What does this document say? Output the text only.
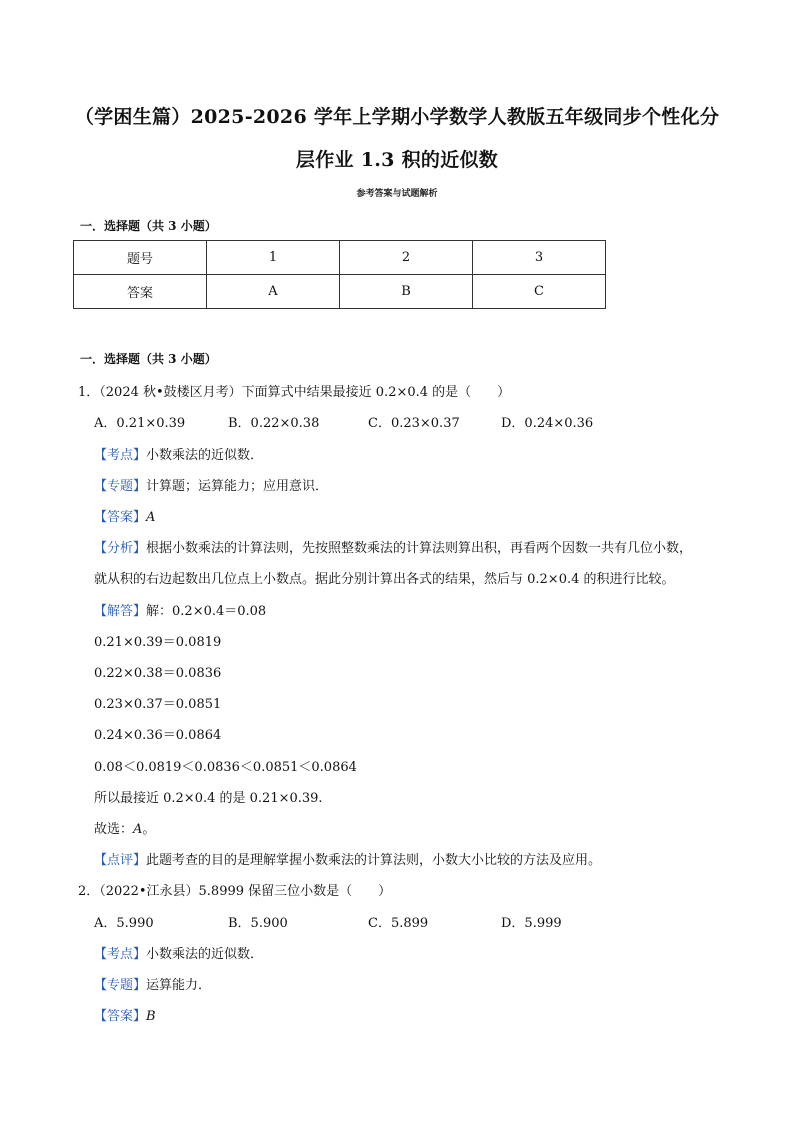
（学困生篇）2025-2026 学年上学期小学数学人教版五年级同步个性化分
层作业 1.3 积的近似数
参考答案与试题解析
一．选择题（共 3 小题）
题号	1	2	3
答案	A	B	C
一．选择题（共 3 小题）
1．（2024 秋•鼓楼区月考）下面算式中结果最接近 0.2×0.4 的是（　　）
A．0.21×0.39	B．0.22×0.38	C．0.23×0.37	D．0.24×0.36
【考点】小数乘法的近似数．
【专题】计算题；运算能力；应用意识．
【答案】A
【分析】根据小数乘法的计算法则，先按照整数乘法的计算法则算出积，再看两个因数一共有几位小数，
就从积的右边起数出几位点上小数点。据此分别计算出各式的结果，然后与 0.2×0.4 的积进行比较。
【解答】解：0.2×0.4＝0.08
0.21×0.39＝0.0819
0.22×0.38＝0.0836
0.23×0.37＝0.0851
0.24×0.36＝0.0864
0.08＜0.0819＜0.0836＜0.0851＜0.0864
所以最接近 0.2×0.4 的是 0.21×0.39.
故选：A。
【点评】此题考查的目的是理解掌握小数乘法的计算法则，小数大小比较的方法及应用。
2．（2022•江永县）5.8999 保留三位小数是（　　）
A．5.990	B．5.900	C．5.899	D．5.999
【考点】小数乘法的近似数．
【专题】运算能力．
【答案】B
